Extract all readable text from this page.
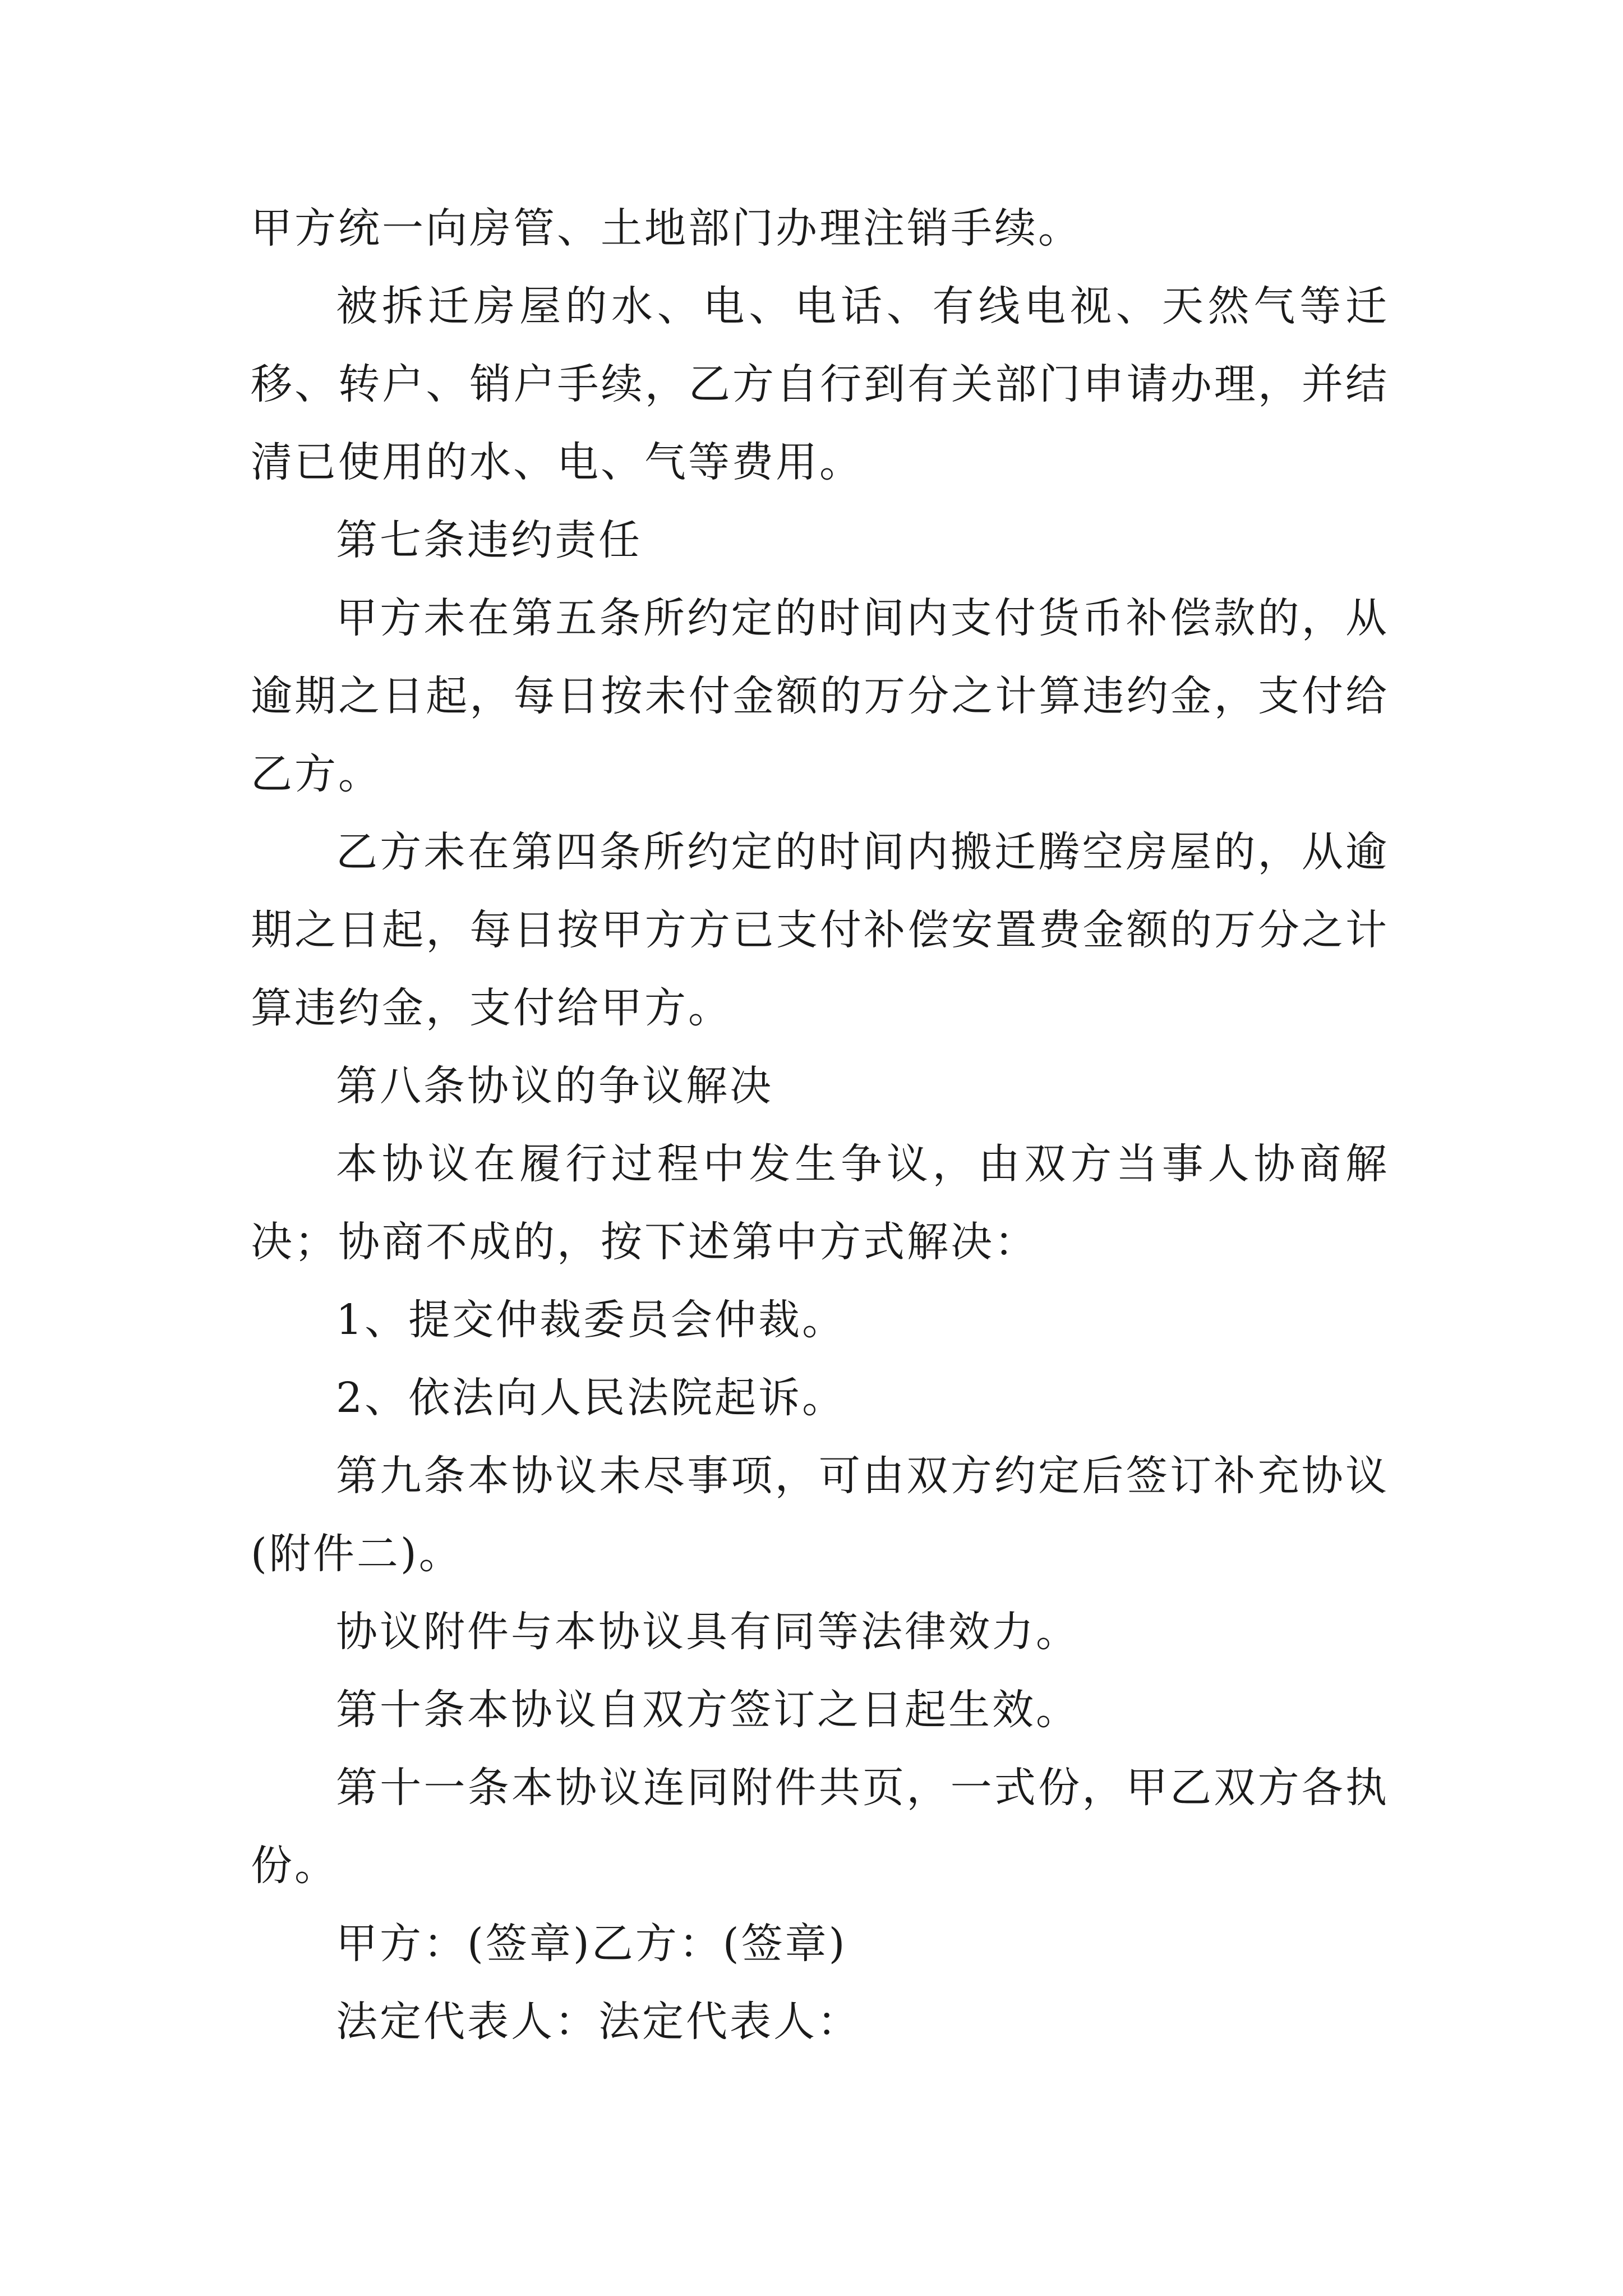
甲方统一向房管、土地部门办理注销手续。

被拆迁房屋的水、电、电话、有线电视、天然气等迁移、转户、销户手续，乙方自行到有关部门申请办理，并结清已使用的水、电、气等费用。

第七条违约责任

甲方未在第五条所约定的时间内支付货币补偿款的，从逾期之日起，每日按未付金额的万分之计算违约金，支付给乙方。

乙方未在第四条所约定的时间内搬迁腾空房屋的，从逾期之日起，每日按甲方方已支付补偿安置费金额的万分之计算违约金，支付给甲方。

第八条协议的争议解决

本协议在履行过程中发生争议，由双方当事人协商解决；协商不成的，按下述第中方式解决：

1、提交仲裁委员会仲裁。

2、依法向人民法院起诉。

第九条本协议未尽事项，可由双方约定后签订补充协议(附件二)。

协议附件与本协议具有同等法律效力。

第十条本协议自双方签订之日起生效。

第十一条本协议连同附件共页，一式份，甲乙双方各执份。

甲方：(签章)乙方：(签章)

法定代表人：法定代表人：
